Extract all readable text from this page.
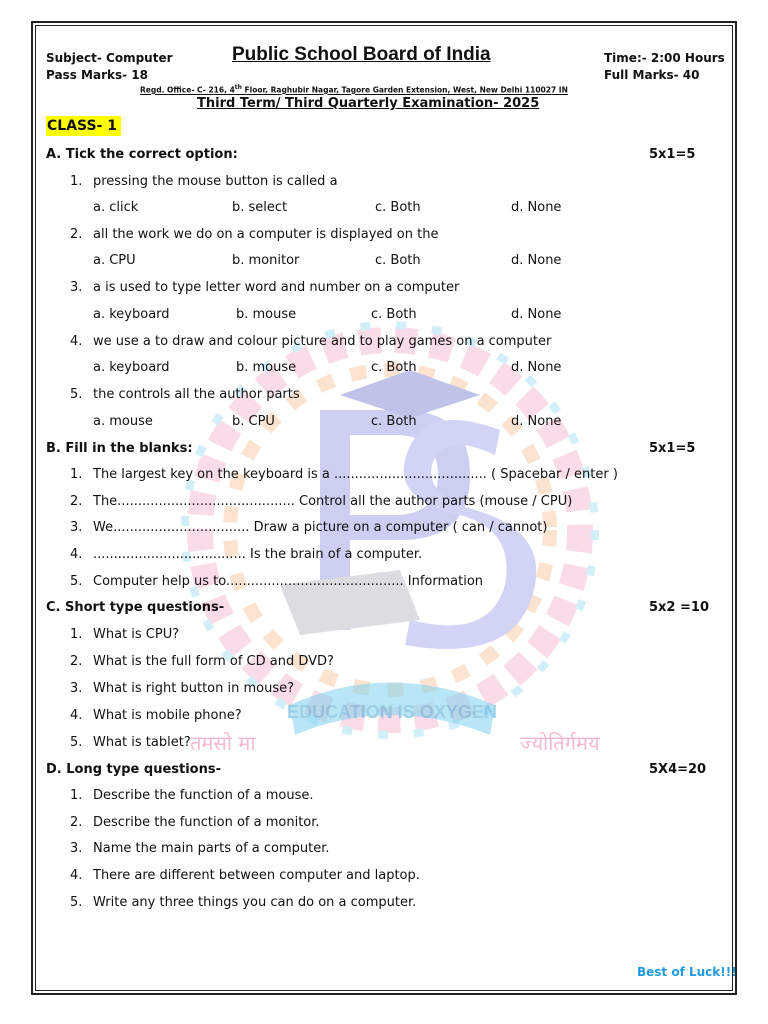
EDUCATION IS OXYGEN
तमसो मा	ज्योतिर्गमय
Subject- Computer
Pass Marks- 18
Public School Board of India	Time:- 2:00 Hours
Full Marks- 40
Regd. Office- C- 216, 4th Floor, Raghubir Nagar, Tagore Garden Extension, West, New Delhi 110027 IN
Third Term/ Third Quarterly Examination- 2025
CLASS- 1
A. Tick the correct option:	5x1=5
1. pressing the mouse button is called a
a. click	b. select	c. Both	d. None
2. all the work we do on a computer is displayed on the
a. CPU	b. monitor	c. Both	d. None
3. a is used to type letter word and number on a computer
a. keyboard	b. mouse	c. Both	d. None
4. we use a to draw and colour picture and to play games on a computer
a. keyboard	b. mouse	c. Both	d. None
5. the controls all the author parts
a. mouse	b. CPU	c. Both	d. None
B. Fill in the blanks:	5x1=5
1. The largest key on the keyboard is a ..................................... ( Spacebar / enter )
2. The........................................... Control all the author parts (mouse / CPU)
3. We................................. Draw a picture on a computer ( can / cannot)
4. ..................................... Is the brain of a computer.
5. Computer help us to........................................... Information
C. Short type questions-	5x2 =10
1. What is CPU?
2. What is the full form of CD and DVD?
3. What is right button in mouse?
4. What is mobile phone?
5. What is tablet?
D. Long type questions-	5X4=20
1. Describe the function of a mouse.
2. Describe the function of a monitor.
3. Name the main parts of a computer.
4. There are different between computer and laptop.
5. Write any three things you can do on a computer.
Best of Luck!!!
